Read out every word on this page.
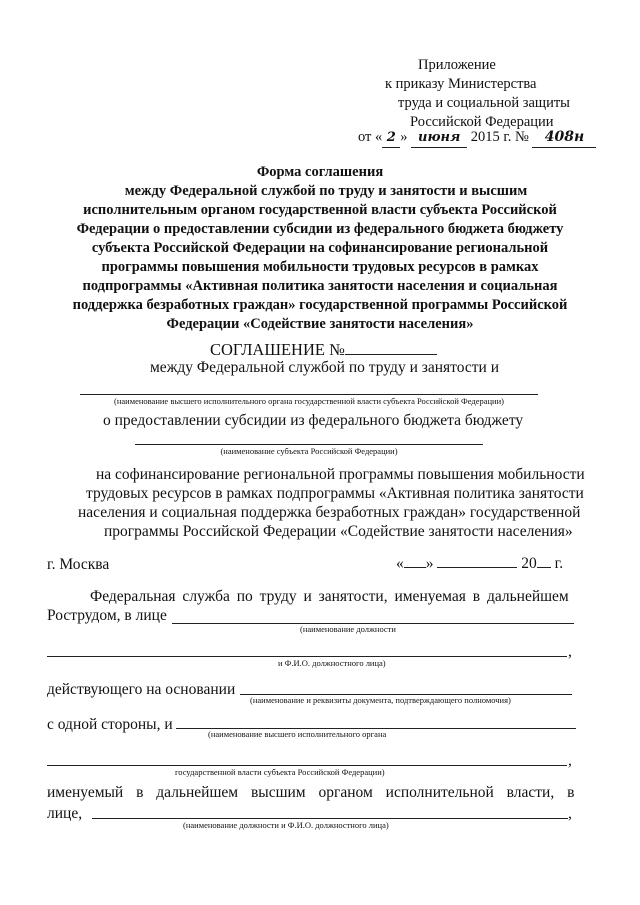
Приложение
к приказу Министерства
труда и социальной защиты
Российской Федерации
от « 2 » июня 2015 г. № 408н
Форма соглашения
между Федеральной службой по труду и занятости и высшим
исполнительным органом государственной власти субъекта Российской
Федерации о предоставлении субсидии из федерального бюджета бюджету
субъекта Российской Федерации на софинансирование региональной
программы повышения мобильности трудовых ресурсов в рамках
подпрограммы «Активная политика занятости населения и социальная
поддержка безработных граждан» государственной программы Российской
Федерации «Содействие занятости населения»
СОГЛАШЕНИЕ №
между Федеральной службой по труду и занятости и
(наименование высшего исполнительного органа государственной власти субъекта Российской Федерации)
о предоставлении субсидии из федерального бюджета бюджету
(наименование субъекта Российской Федерации)
на софинансирование региональной программы повышения мобильности
трудовых ресурсов в рамках подпрограммы «Активная политика занятости
населения и социальная поддержка безработных граждан» государственной
программы Российской Федерации «Содействие занятости населения»
г. Москва	« »	20 г.
Федеральная служба по труду и занятости, именуемая в дальнейшем
Рострудом, в лице
(наименование должности
,
и Ф.И.О. должностного лица)
действующего на основании
(наименование и реквизиты документа, подтверждающего полномочия)
с одной стороны, и
(наименование высшего исполнительного органа
,
государственной власти субъекта Российской Федерации)
именуемый в дальнейшем высшим органом исполнительной власти, в
лице,	,
(наименование должности и Ф.И.О. должностного лица)
